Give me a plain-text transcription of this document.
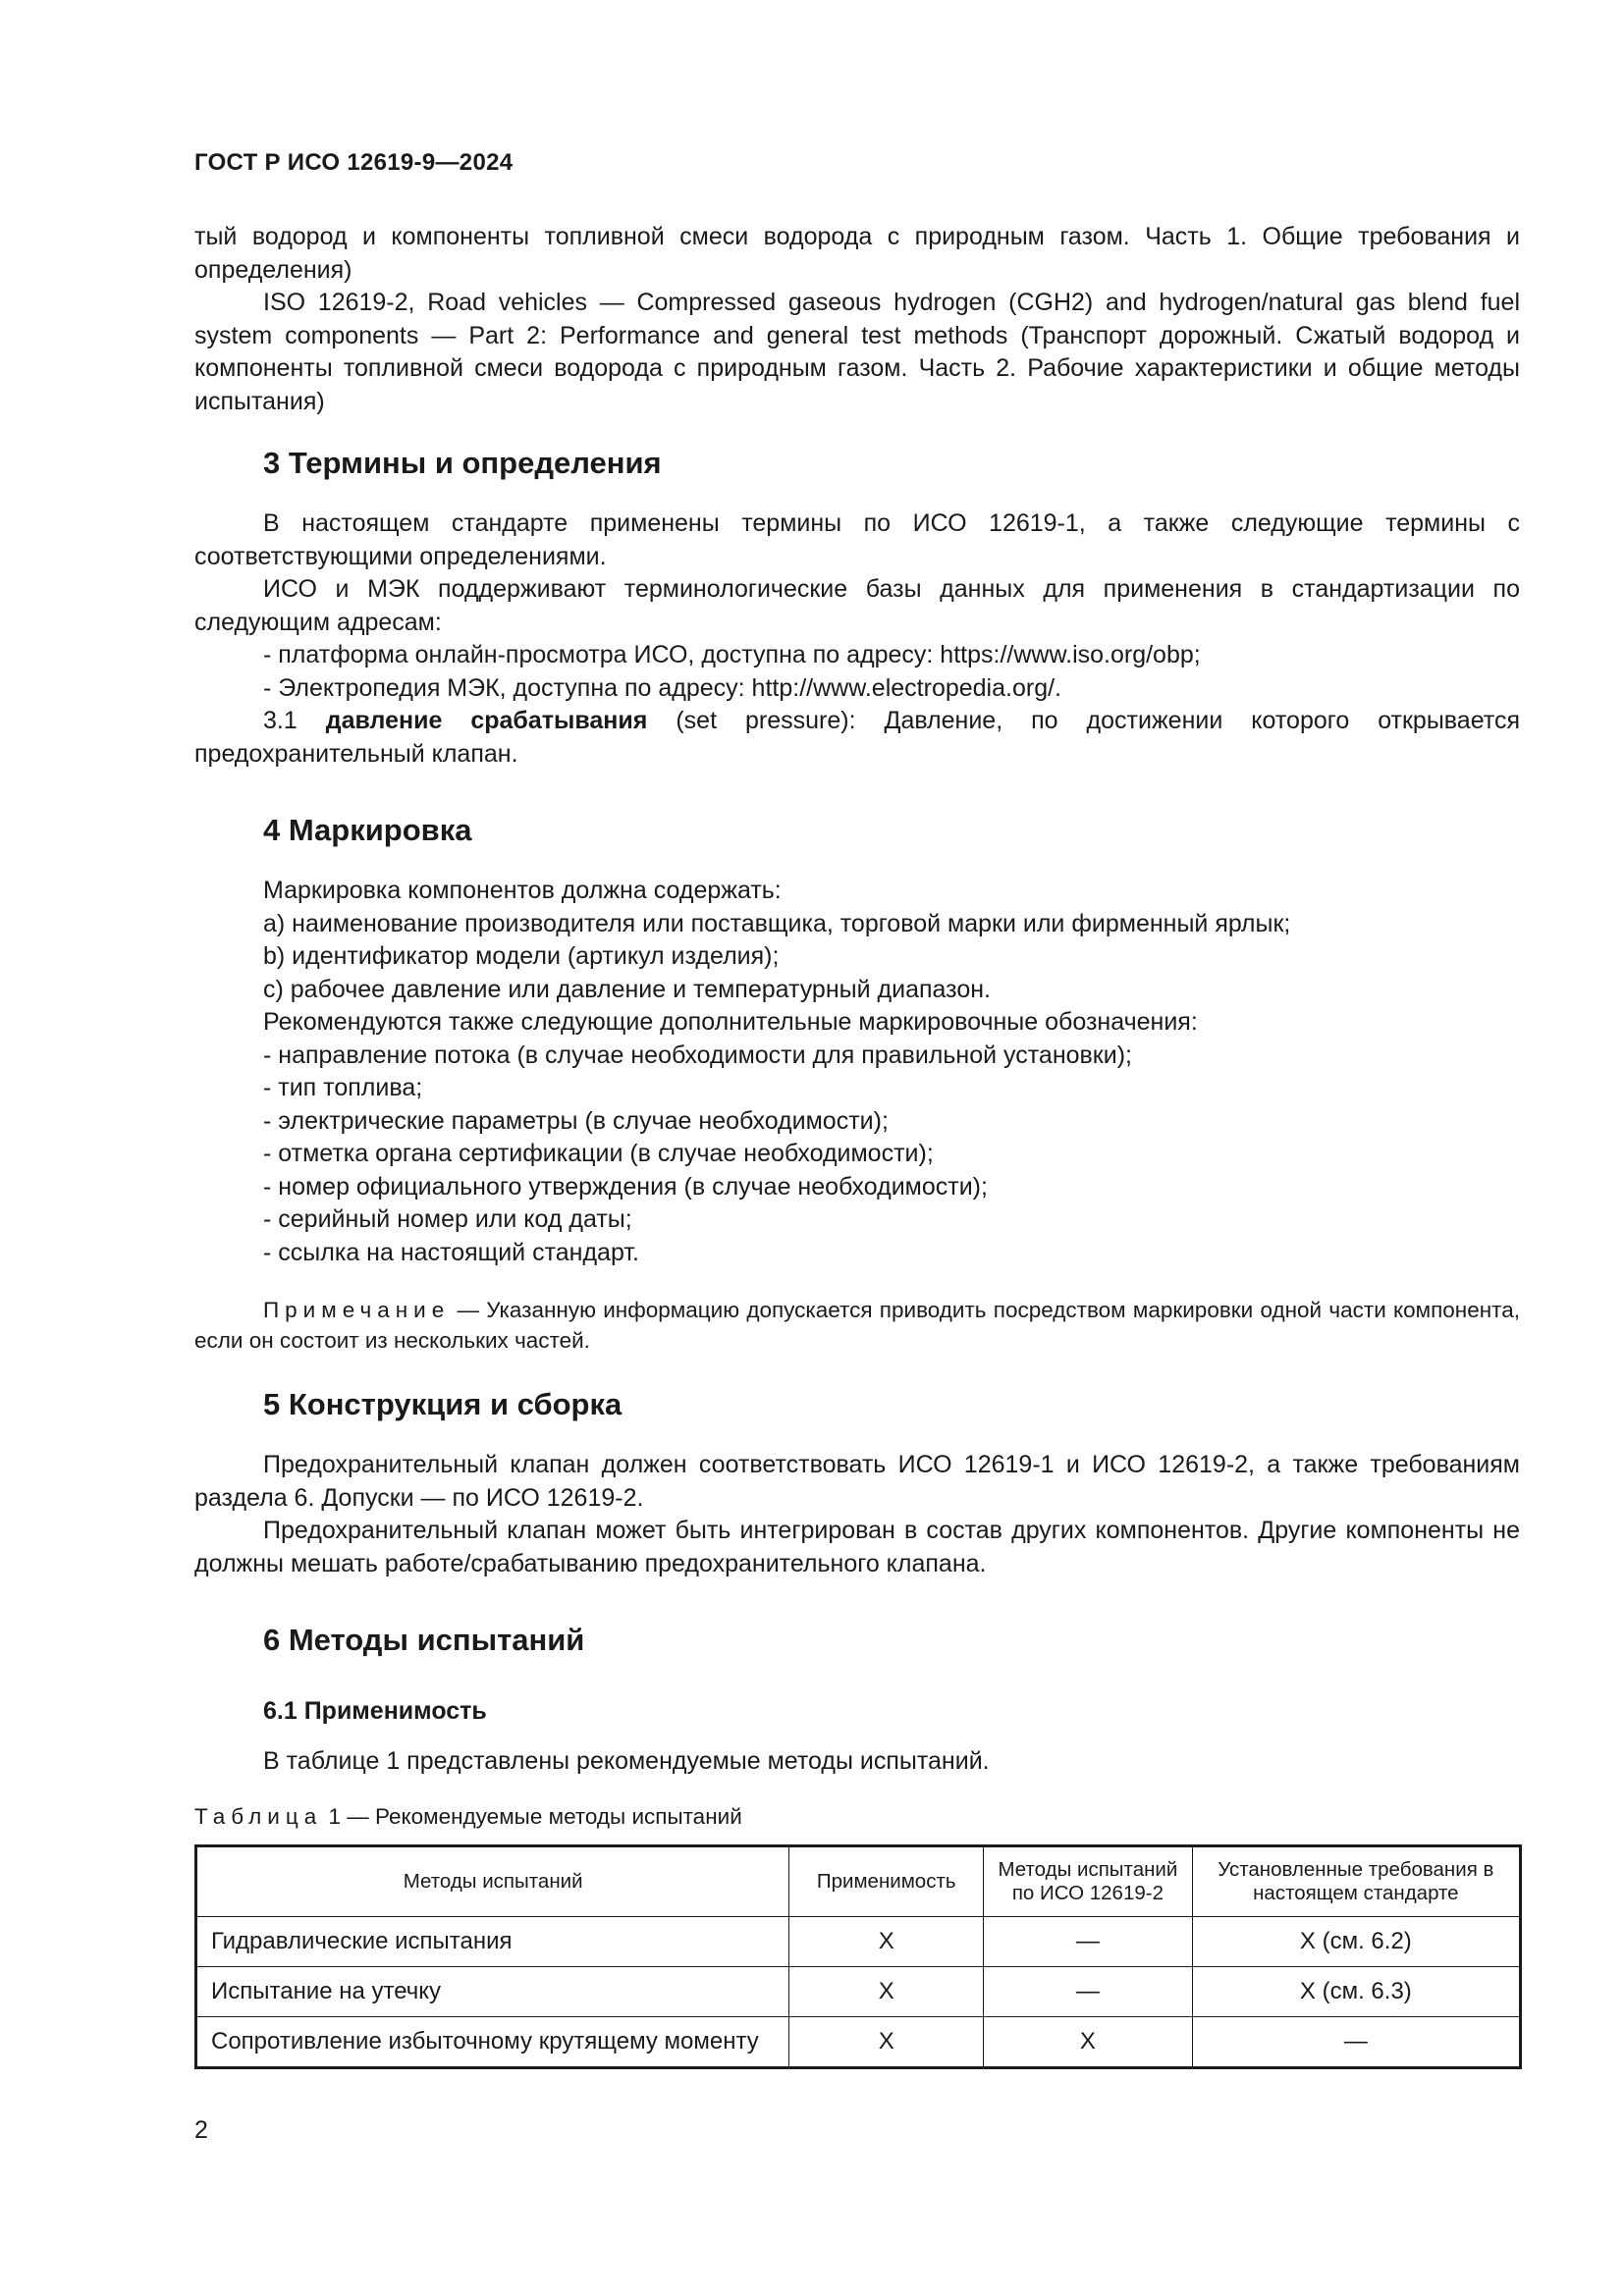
ГОСТ Р ИСО 12619-9—2024
тый водород и компоненты топливной смеси водорода с природным газом. Часть 1. Общие требования и определения)
ISO 12619-2, Road vehicles — Compressed gaseous hydrogen (CGH2) and hydrogen/natural gas blend fuel system components — Part 2: Performance and general test methods (Транспорт дорожный. Сжатый водород и компоненты топливной смеси водорода с природным газом. Часть 2. Рабочие характеристики и общие методы испытания)
3 Термины и определения
В настоящем стандарте применены термины по ИСО 12619-1, а также следующие термины с соответствующими определениями.
ИСО и МЭК поддерживают терминологические базы данных для применения в стандартизации по следующим адресам:
- платформа онлайн-просмотра ИСО, доступна по адресу: https://www.iso.org/obp;
- Электропедия МЭК, доступна по адресу: http://www.electropedia.org/.
3.1 давление срабатывания (set pressure): Давление, по достижении которого открывается предохранительный клапан.
4 Маркировка
Маркировка компонентов должна содержать:
a) наименование производителя или поставщика, торговой марки или фирменный ярлык;
b) идентификатор модели (артикул изделия);
c) рабочее давление или давление и температурный диапазон.
Рекомендуются также следующие дополнительные маркировочные обозначения:
- направление потока (в случае необходимости для правильной установки);
- тип топлива;
- электрические параметры (в случае необходимости);
- отметка органа сертификации (в случае необходимости);
- номер официального утверждения (в случае необходимости);
- серийный номер или код даты;
- ссылка на настоящий стандарт.
Примечание — Указанную информацию допускается приводить посредством маркировки одной части компонента, если он состоит из нескольких частей.
5 Конструкция и сборка
Предохранительный клапан должен соответствовать ИСО 12619-1 и ИСО 12619-2, а также требованиям раздела 6. Допуски — по ИСО 12619-2.
Предохранительный клапан может быть интегрирован в состав других компонентов. Другие компоненты не должны мешать работе/срабатыванию предохранительного клапана.
6 Методы испытаний
6.1 Применимость
В таблице 1 представлены рекомендуемые методы испытаний.
Таблица 1 — Рекомендуемые методы испытаний
Методы испытаний	Применимость	Методы испытаний по ИСО 12619-2	Установленные требования в настоящем стандарте
Гидравлические испытания	X	—	X (см. 6.2)
Испытание на утечку	X	—	X (см. 6.3)
Сопротивление избыточному крутящему моменту	X	X	—
2
